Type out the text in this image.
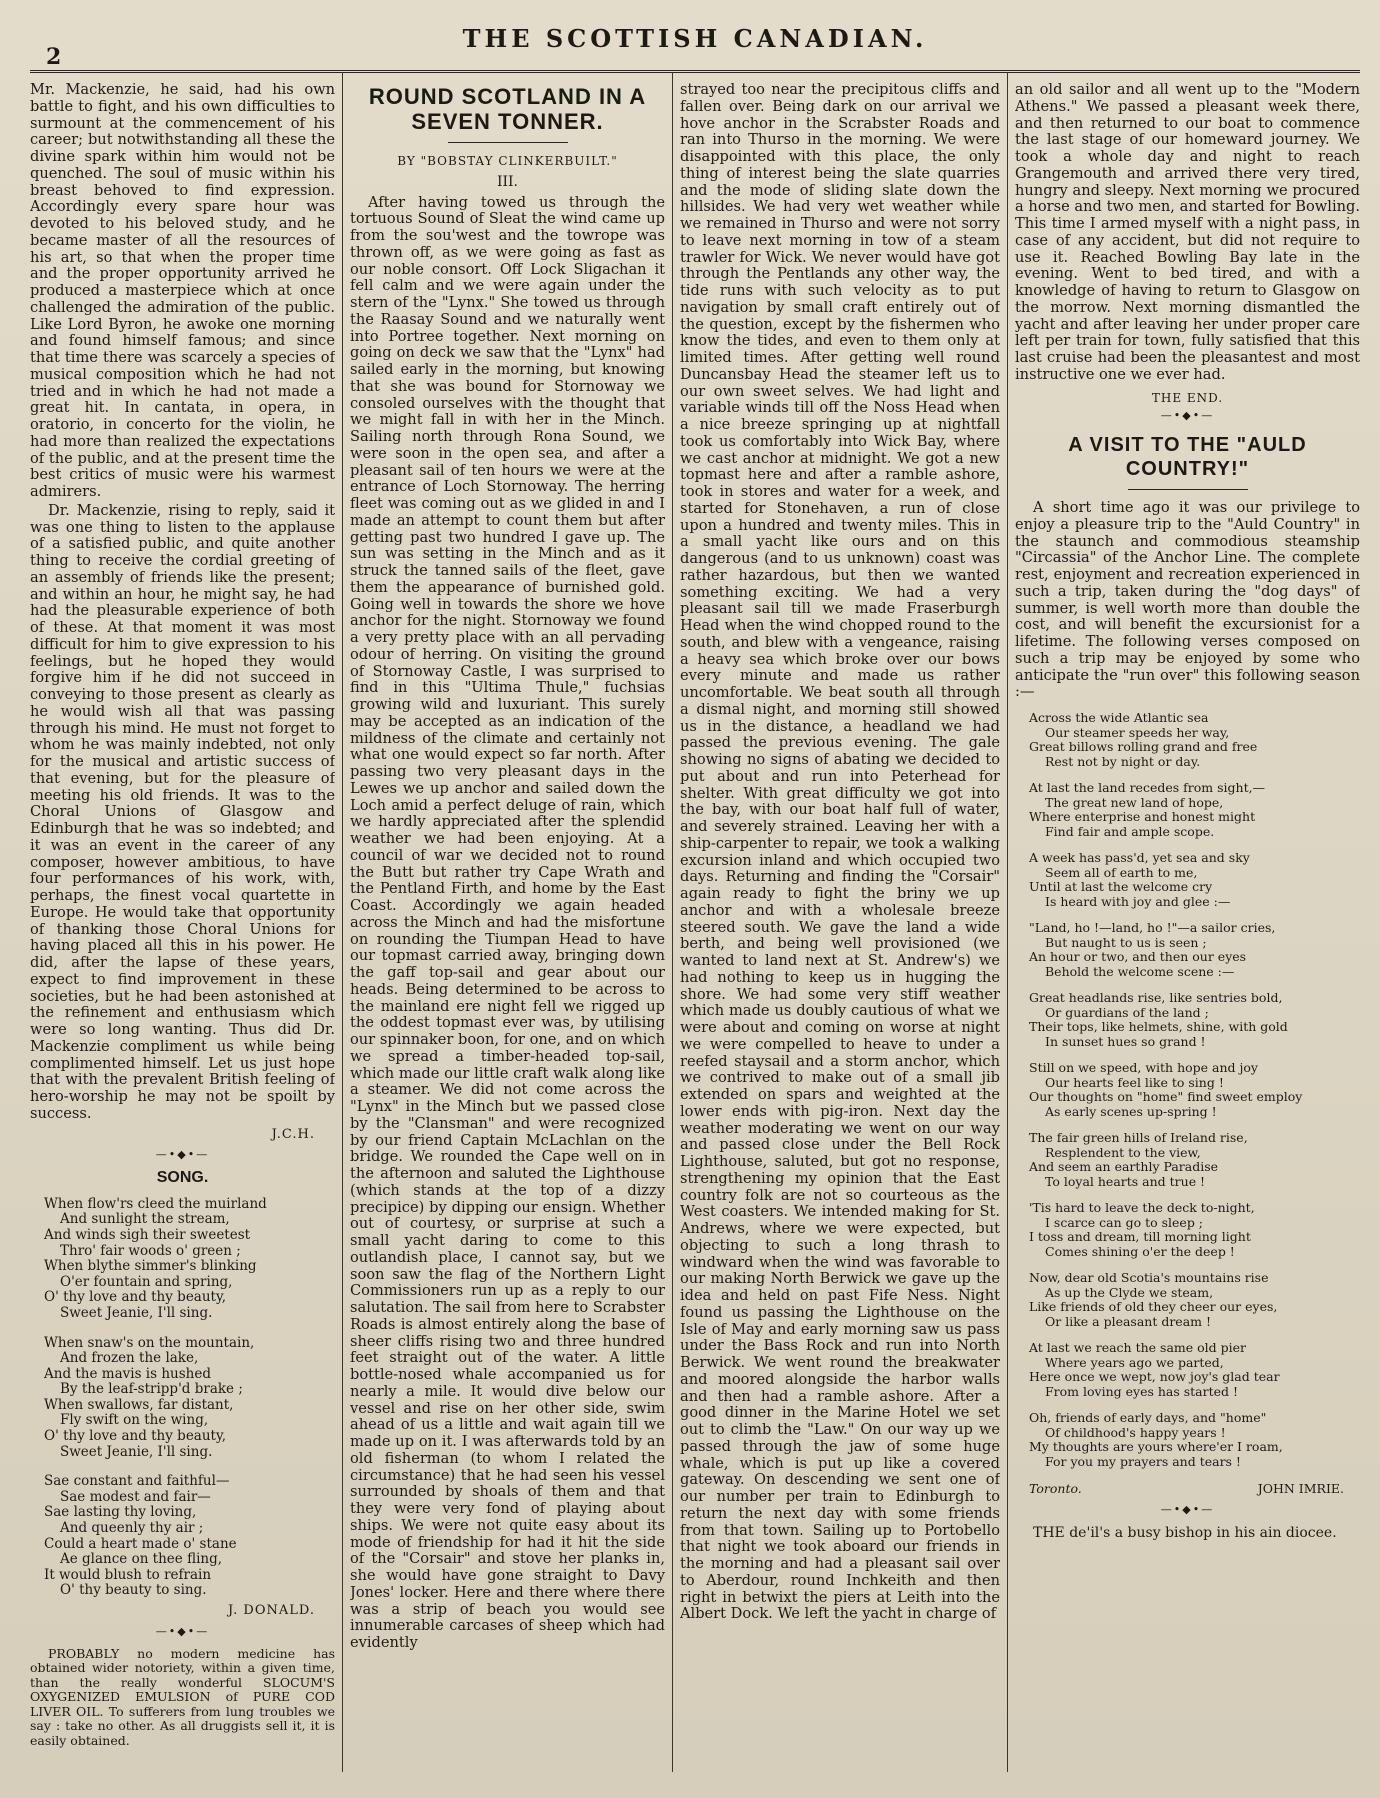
2
THE SCOTTISH CANADIAN.

Mr. Mackenzie, he said, had his own battle to fight, and his own difficulties to surmount at the commencement of his career; but notwithstanding all these the divine spark within him would not be quenched. The soul of music within his breast behoved to find expression. Accordingly every spare hour was devoted to his beloved study, and he became master of all the resources of his art, so that when the proper time and the proper opportunity arrived he produced a masterpiece which at once challenged the admiration of the public. Like Lord Byron, he awoke one morning and found himself famous; and since that time there was scarcely a species of musical composition which he had not tried and in which he had not made a great hit. In cantata, in opera, in oratorio, in concerto for the violin, he had more than realized the expectations of the public, and at the present time the best critics of music were his warmest admirers.

Dr. Mackenzie, rising to reply, said it was one thing to listen to the applause of a satisfied public, and quite another thing to receive the cordial greeting of an assembly of friends like the present; and within an hour, he might say, he had had the pleasurable experience of both of these. At that moment it was most difficult for him to give expression to his feelings, but he hoped they would forgive him if he did not succeed in conveying to those present as clearly as he would wish all that was passing through his mind. He must not forget to whom he was mainly indebted, not only for the musical and artistic success of that evening, but for the pleasure of meeting his old friends. It was to the Choral Unions of Glasgow and Edinburgh that he was so indebted; and it was an event in the career of any composer, however ambitious, to have four performances of his work, with, perhaps, the finest vocal quartette in Europe. He would take that opportunity of thanking those Choral Unions for having placed all this in his power. He did, after the lapse of these years, expect to find improvement in these societies, but he had been astonished at the refinement and enthusiasm which were so long wanting. Thus did Dr. Mackenzie compliment us while being complimented himself. Let us just hope that with the prevalent British feeling of hero-worship he may not be spoilt by success.

J.C.H.
—•◆•—
SONG.
When flow'rs cleed the muirland
And sunlight the stream,
And winds sigh their sweetest
Thro' fair woods o' green ;
When blythe simmer's blinking
O'er fountain and spring,
O' thy love and thy beauty,
Sweet Jeanie, I'll sing.
When snaw's on the mountain,
And frozen the lake,
And the mavis is hushed
By the leaf-stripp'd brake ;
When swallows, far distant,
Fly swift on the wing,
O' thy love and thy beauty,
Sweet Jeanie, I'll sing.
Sae constant and faithful—
Sae modest and fair—
Sae lasting thy loving,
And queenly thy air ;
Could a heart made o' stane
Ae glance on thee fling,
It would blush to refrain
O' thy beauty to sing.
J. DONALD.
—•◆•—

PROBABLY no modern medicine has obtained wider notoriety, within a given time, than the really wonderful SLOCUM'S OXYGENIZED EMULSION of PURE COD LIVER OIL. To sufferers from lung troubles we say : take no other. As all druggists sell it, it is easily obtained.

ROUND SCOTLAND IN A SEVEN TONNER.
BY "BOBSTAY CLINKERBUILT."
III.

After having towed us through the tortuous Sound of Sleat the wind came up from the sou'west and the towrope was thrown off, as we were going as fast as our noble consort. Off Lock Sligachan it fell calm and we were again under the stern of the "Lynx." She towed us through the Raasay Sound and we naturally went into Portree together. Next morning on going on deck we saw that the "Lynx" had sailed early in the morning, but knowing that she was bound for Stornoway we consoled ourselves with the thought that we might fall in with her in the Minch. Sailing north through Rona Sound, we were soon in the open sea, and after a pleasant sail of ten hours we were at the entrance of Loch Stornoway. The herring fleet was coming out as we glided in and I made an attempt to count them but after getting past two hundred I gave up. The sun was setting in the Minch and as it struck the tanned sails of the fleet, gave them the appearance of burnished gold. Going well in towards the shore we hove anchor for the night. Stornoway we found a very pretty place with an all pervading odour of herring. On visiting the ground of Stornoway Castle, I was surprised to find in this "Ultima Thule," fuchsias growing wild and luxuriant. This surely may be accepted as an indication of the mildness of the climate and certainly not what one would expect so far north. After passing two very pleasant days in the Lewes we up anchor and sailed down the Loch amid a perfect deluge of rain, which we hardly appreciated after the splendid weather we had been enjoying. At a council of war we decided not to round the Butt but rather try Cape Wrath and the Pentland Firth, and home by the East Coast. Accordingly we again headed across the Minch and had the misfortune on rounding the Tiumpan Head to have our topmast carried away, bringing down the gaff top-sail and gear about our heads. Being determined to be across to the mainland ere night fell we rigged up the oddest topmast ever was, by utilising our spinnaker boon, for one, and on which we spread a timber-headed top-sail, which made our little craft walk along like a steamer. We did not come across the "Lynx" in the Minch but we passed close by the "Clansman" and were recognized by our friend Captain McLachlan on the bridge. We rounded the Cape well on in the afternoon and saluted the Lighthouse (which stands at the top of a dizzy precipice) by dipping our ensign. Whether out of courtesy, or surprise at such a small yacht daring to come to this outlandish place, I cannot say, but we soon saw the flag of the Northern Light Commissioners run up as a reply to our salutation. The sail from here to Scrabster Roads is almost entirely along the base of sheer cliffs rising two and three hundred feet straight out of the water. A little bottle-nosed whale accompanied us for nearly a mile. It would dive below our vessel and rise on her other side, swim ahead of us a little and wait again till we made up on it. I was afterwards told by an old fisherman (to whom I related the circumstance) that he had seen his vessel surrounded by shoals of them and that they were very fond of playing about ships. We were not quite easy about its mode of friendship for had it hit the side of the "Corsair" and stove her planks in, she would have gone straight to Davy Jones' locker. Here and there where there was a strip of beach you would see innumerable carcases of sheep which had evidently

strayed too near the precipitous cliffs and fallen over. Being dark on our arrival we hove anchor in the Scrabster Roads and ran into Thurso in the morning. We were disappointed with this place, the only thing of interest being the slate quarries and the mode of sliding slate down the hillsides. We had very wet weather while we remained in Thurso and were not sorry to leave next morning in tow of a steam trawler for Wick. We never would have got through the Pentlands any other way, the tide runs with such velocity as to put navigation by small craft entirely out of the question, except by the fishermen who know the tides, and even to them only at limited times. After getting well round Duncansbay Head the steamer left us to our own sweet selves. We had light and variable winds till off the Noss Head when a nice breeze springing up at nightfall took us comfortably into Wick Bay, where we cast anchor at midnight. We got a new topmast here and after a ramble ashore, took in stores and water for a week, and started for Stonehaven, a run of close upon a hundred and twenty miles. This in a small yacht like ours and on this dangerous (and to us unknown) coast was rather hazardous, but then we wanted something exciting. We had a very pleasant sail till we made Fraserburgh Head when the wind chopped round to the south, and blew with a vengeance, raising a heavy sea which broke over our bows every minute and made us rather uncomfortable. We beat south all through a dismal night, and morning still showed us in the distance, a headland we had passed the previous evening. The gale showing no signs of abating we decided to put about and run into Peterhead for shelter. With great difficulty we got into the bay, with our boat half full of water, and severely strained. Leaving her with a ship-carpenter to repair, we took a walking excursion inland and which occupied two days. Returning and finding the "Corsair" again ready to fight the briny we up anchor and with a wholesale breeze steered south. We gave the land a wide berth, and being well provisioned (we wanted to land next at St. Andrew's) we had nothing to keep us in hugging the shore. We had some very stiff weather which made us doubly cautious of what we were about and coming on worse at night we were compelled to heave to under a reefed staysail and a storm anchor, which we contrived to make out of a small jib extended on spars and weighted at the lower ends with pig-iron. Next day the weather moderating we went on our way and passed close under the Bell Rock Lighthouse, saluted, but got no response, strengthening my opinion that the East country folk are not so courteous as the West coasters. We intended making for St. Andrews, where we were expected, but objecting to such a long thrash to windward when the wind was favorable to our making North Berwick we gave up the idea and held on past Fife Ness. Night found us passing the Lighthouse on the Isle of May and early morning saw us pass under the Bass Rock and run into North Berwick. We went round the breakwater and moored alongside the harbor walls and then had a ramble ashore. After a good dinner in the Marine Hotel we set out to climb the "Law." On our way up we passed through the jaw of some huge whale, which is put up like a covered gateway. On descending we sent one of our number per train to Edinburgh to return the next day with some friends from that town. Sailing up to Portobello that night we took aboard our friends in the morning and had a pleasant sail over to Aberdour, round Inchkeith and then right in betwixt the piers at Leith into the Albert Dock. We left the yacht in charge of

an old sailor and all went up to the "Modern Athens." We passed a pleasant week there, and then returned to our boat to commence the last stage of our homeward journey. We took a whole day and night to reach Grangemouth and arrived there very tired, hungry and sleepy. Next morning we procured a horse and two men, and started for Bowling. This time I armed myself with a night pass, in case of any accident, but did not require to use it. Reached Bowling Bay late in the evening. Went to bed tired, and with a knowledge of having to return to Glasgow on the morrow. Next morning dismantled the yacht and after leaving her under proper care left per train for town, fully satisfied that this last cruise had been the pleasantest and most instructive one we ever had.

THE END.
—•◆•—
A VISIT TO THE "AULD COUNTRY!"

A short time ago it was our privilege to enjoy a pleasure trip to the "Auld Country" in the staunch and commodious steamship "Circassia" of the Anchor Line. The complete rest, enjoyment and recreation experienced in such a trip, taken during the "dog days" of summer, is well worth more than double the cost, and will benefit the excursionist for a lifetime. The following verses composed on such a trip may be enjoyed by some who anticipate the "run over" this following season :—

Across the wide Atlantic sea
Our steamer speeds her way,
Great billows rolling grand and free
Rest not by night or day.
At last the land recedes from sight,—
The great new land of hope,
Where enterprise and honest might
Find fair and ample scope.
A week has pass'd, yet sea and sky
Seem all of earth to me,
Until at last the welcome cry
Is heard with joy and glee :—
"Land, ho !—land, ho !"—a sailor cries,
But naught to us is seen ;
An hour or two, and then our eyes
Behold the welcome scene :—
Great headlands rise, like sentries bold,
Or guardians of the land ;
Their tops, like helmets, shine, with gold
In sunset hues so grand !
Still on we speed, with hope and joy
Our hearts feel like to sing !
Our thoughts on "home" find sweet employ
As early scenes up-spring !
The fair green hills of Ireland rise,
Resplendent to the view,
And seem an earthly Paradise
To loyal hearts and true !
'Tis hard to leave the deck to-night,
I scarce can go to sleep ;
I toss and dream, till morning light
Comes shining o'er the deep !
Now, dear old Scotia's mountains rise
As up the Clyde we steam,
Like friends of old they cheer our eyes,
Or like a pleasant dream !
At last we reach the same old pier
Where years ago we parted,
Here once we wept, now joy's glad tear
From loving eyes has started !
Oh, friends of early days, and "home"
Of childhood's happy years !
My thoughts are yours where'er I roam,
For you my prayers and tears !
Toronto.	JOHN IMRIE.
—•◆•—

THE de'il's a busy bishop in his ain diocee.
